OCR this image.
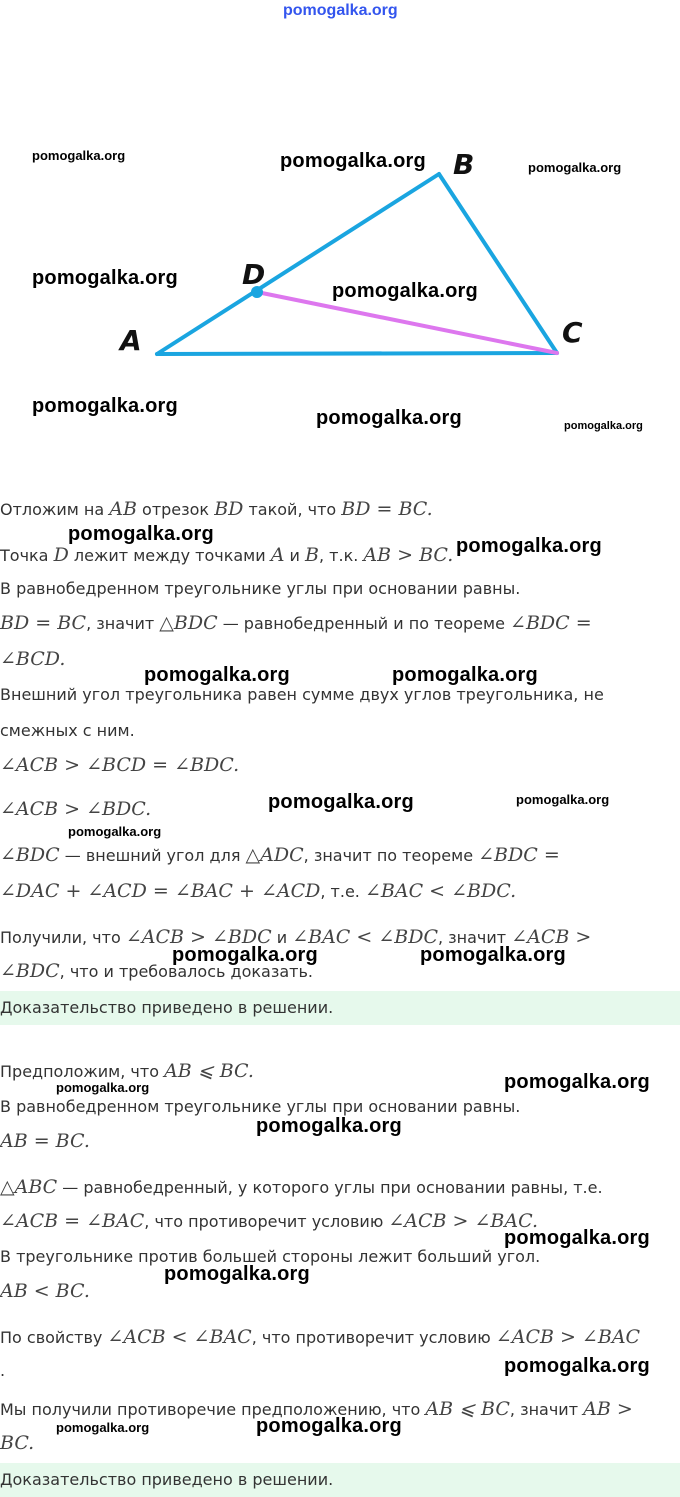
pomogalka.org
A
B
C
D
Отложим на AB отрезок BD такой, что BD = BC.
Точка D лежит между точками A и B, т.к. AB > BC.
В равнобедренном треугольнике углы при основании равны.
BD = BC, значит △BDC — равнобедренный и по теореме ∠BDC =
∠BCD.
Внешний угол треугольника равен сумме двух углов треугольника, не
смежных с ним.
∠ACB > ∠BCD = ∠BDC.
∠ACB > ∠BDC.
∠BDC — внешний угол для △ADC, значит по теореме ∠BDC =
∠DAC + ∠ACD = ∠BAC + ∠ACD, т.е. ∠BAC < ∠BDC.
Получили, что ∠ACB > ∠BDC и ∠BAC < ∠BDC, значит ∠ACB >
∠BDC, что и требовалось доказать.
Доказательство приведено в решении.
Предположим, что AB ⩽ BC.
В равнобедренном треугольнике углы при основании равны.
AB = BC.
△ABC — равнобедренный, у которого углы при основании равны, т.е.
∠ACB = ∠BAC, что противоречит условию ∠ACB > ∠BAC.
В треугольнике против большей стороны лежит больший угол.
AB < BC.
По свойству ∠ACB < ∠BAC, что противоречит условию ∠ACB > ∠BAC
.
Мы получили противоречие предположению, что AB ⩽ BC, значит AB >
BC.
Доказательство приведено в решении.
pomogalka.org	pomogalka.org	pomogalka.org
pomogalka.org
pomogalka.org
pomogalka.org
pomogalka.org	pomogalka.org
pomogalka.org
pomogalka.org
pomogalka.org	pomogalka.org
pomogalka.org	pomogalka.org
pomogalka.org
pomogalka.org	pomogalka.org
pomogalka.org	pomogalka.org
pomogalka.org
pomogalka.org
pomogalka.org
pomogalka.org
pomogalka.org	pomogalka.org
